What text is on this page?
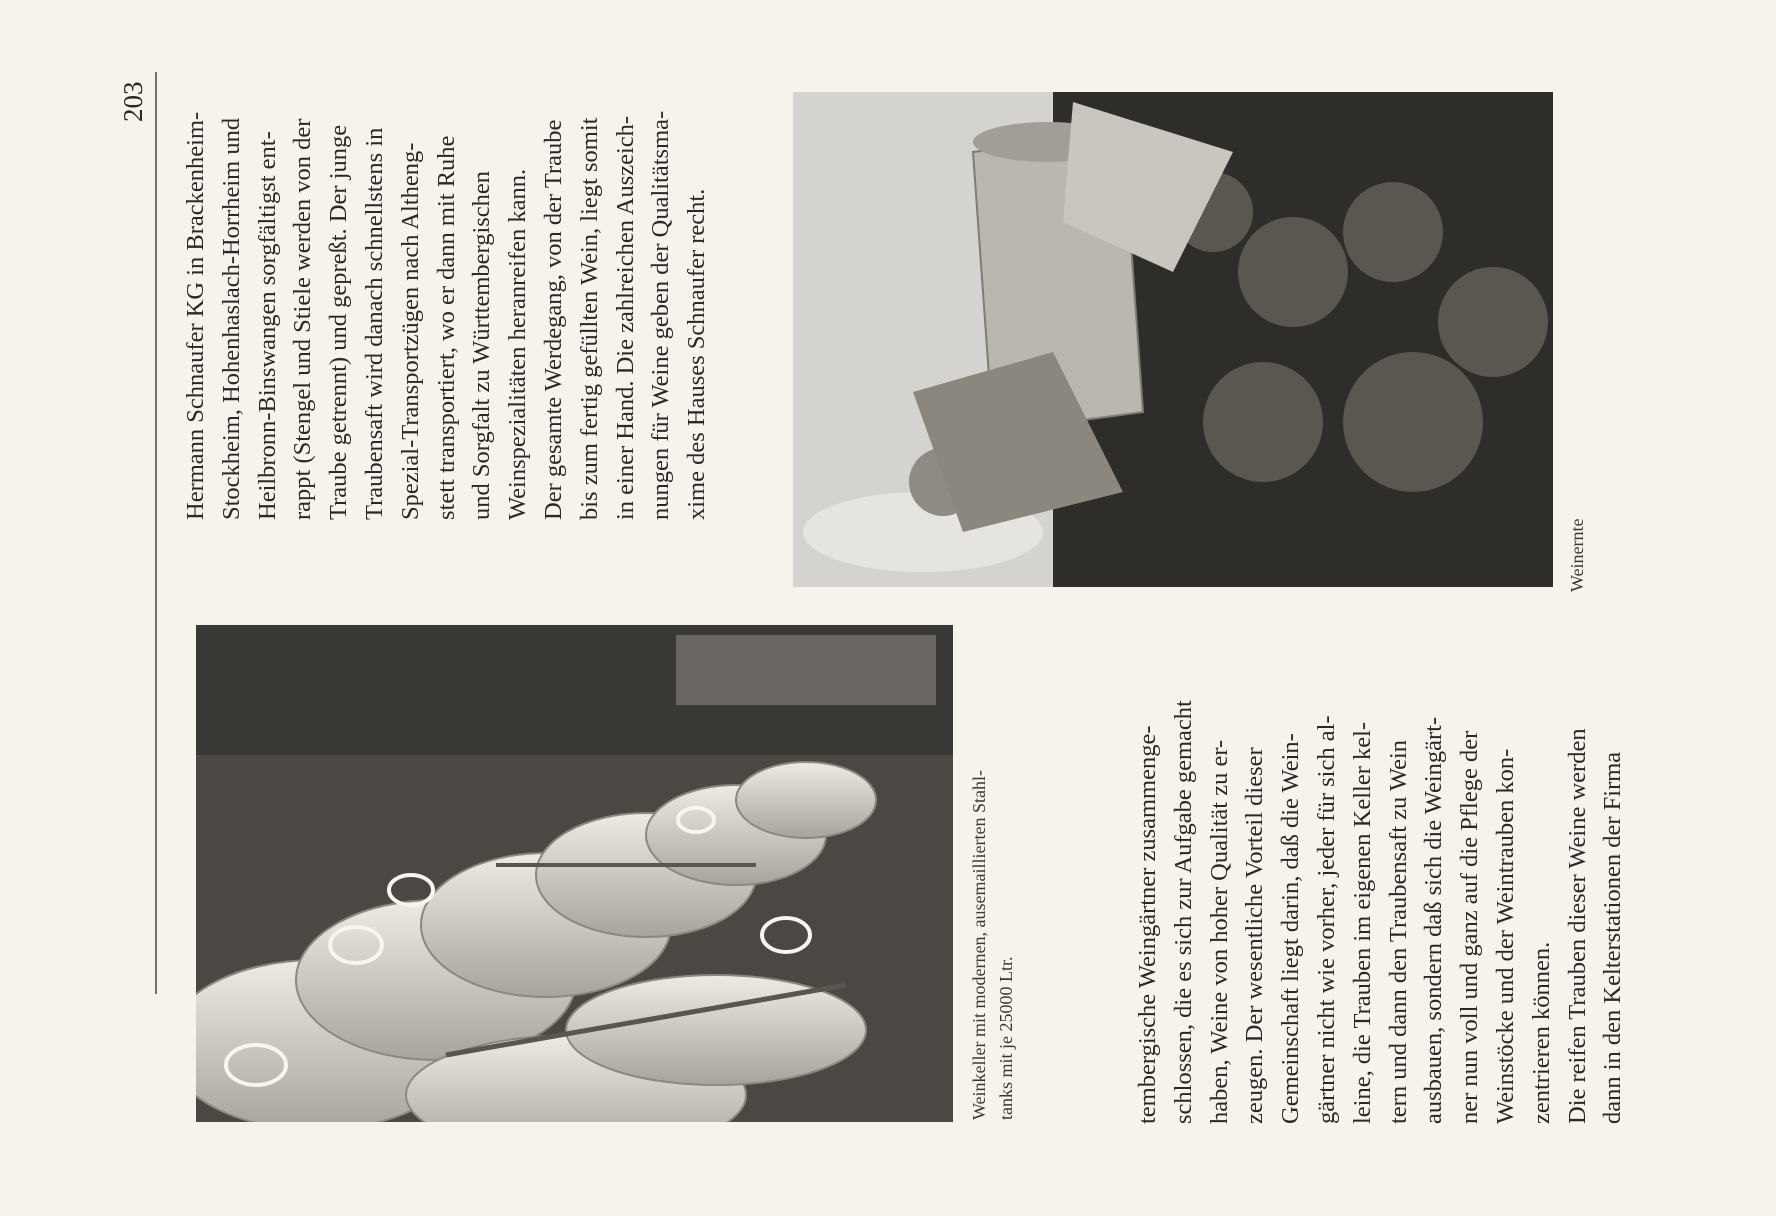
203

Hermann Schnaufer KG in Brackenheim- Stockheim, Hohenhaslach-Horrheim und Heilbronn-Binswangen sorgfältigst ent- rappt (Stengel und Stiele werden von der Traube getrennt) und gepreßt. Der junge Traubensaft wird danach schnellstens in Spezial-Transportzügen nach Altheng- stett transportiert, wo er dann mit Ruhe und Sorgfalt zu Württembergischen Weinspezialitäten heranreifen kann. Der gesamte Werdegang, von der Traube bis zum fertig gefüllten Wein, liegt somit in einer Hand. Die zahlreichen Auszeich- nungen für Weine geben der Qualitätsma- xime des Hauses Schnaufer recht.

Weinkeller mit modernen, ausemaillierten Stahl- tanks mit je 25000 Ltr.
Weinernte

tembergische Weingärtner zusammenge- schlossen, die es sich zur Aufgabe gemacht haben, Weine von hoher Qualität zu er- zeugen. Der wesentliche Vorteil dieser Gemeinschaft liegt darin, daß die Wein- gärtner nicht wie vorher, jeder für sich al- leine, die Trauben im eigenen Keller kel- tern und dann den Traubensaft zu Wein ausbauen, sondern daß sich die Weingärt- ner nun voll und ganz auf die Pflege der Weinstöcke und der Weintrauben kon- zentrieren können. Die reifen Trauben dieser Weine werden dann in den Kelterstationen der Firma
